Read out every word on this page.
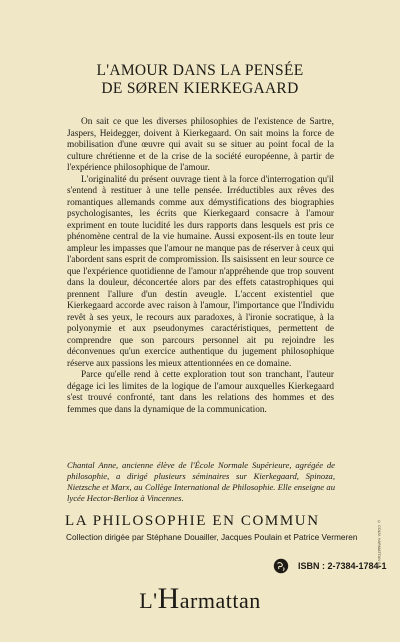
L'AMOUR DANS LA PENSÉE
DE SØREN KIERKEGAARD

On sait ce que les diverses philosophies de l'existence de Sartre, Jaspers, Heidegger, doivent à Kierkegaard. On sait moins la force de mobilisation d'une œuvre qui avait su se situer au point focal de la culture chrétienne et de la crise de la société européenne, à partir de l'expérience philosophique de l'amour.

L'originalité du présent ouvrage tient à la force d'interrogation qu'il s'entend à restituer à une telle pensée. Irréductibles aux rêves des romantiques allemands comme aux démystifications des biographies psychologisantes, les écrits que Kierkegaard consacre à l'amour expriment en toute lucidité les durs rapports dans lesquels est pris ce phénomène central de la vie humaine. Aussi exposent-ils en toute leur ampleur les impasses que l'amour ne manque pas de réserver à ceux qui l'abordent sans esprit de compromission. Ils saisissent en leur source ce que l'expérience quotidienne de l'amour n'appréhende que trop souvent dans la douleur, déconcertée alors par des effets catastrophiques qui prennent l'allure d'un destin aveugle. L'accent existentiel que Kierkegaard accorde avec raison à l'amour, l'importance que l'Individu revêt à ses yeux, le recours aux paradoxes, à l'ironie socratique, à la polyonymie et aux pseudonymes caractéristiques, permettent de comprendre que son parcours personnel ait pu rejoindre les déconvenues qu'un exercice authentique du jugement philosophique réserve aux passions les mieux attentionnées en ce domaine.

Parce qu'elle rend à cette exploration tout son tranchant, l'auteur dégage ici les limites de la logique de l'amour auxquelles Kierkegaard s'est trouvé confronté, tant dans les relations des hommes et des femmes que dans la dynamique de la communication.

Chantal Anne, ancienne élève de l'École Normale Supérieure, agrégée de philosophie, a dirigé plusieurs séminaires sur Kierkegaard, Spinoza, Nietzsche et Marx, au Collège International de Philosophie. Elle enseigne au lycée Hector-Berlioz à Vincennes.
LA PHILOSOPHIE EN COMMUN
Collection dirigée par Stéphane Douailler, Jacques Poulain et Patrice Vermeren
ISBN : 2-7384-1784-1
L'Harmattan
© COUV. HARMATTAN S.A.
